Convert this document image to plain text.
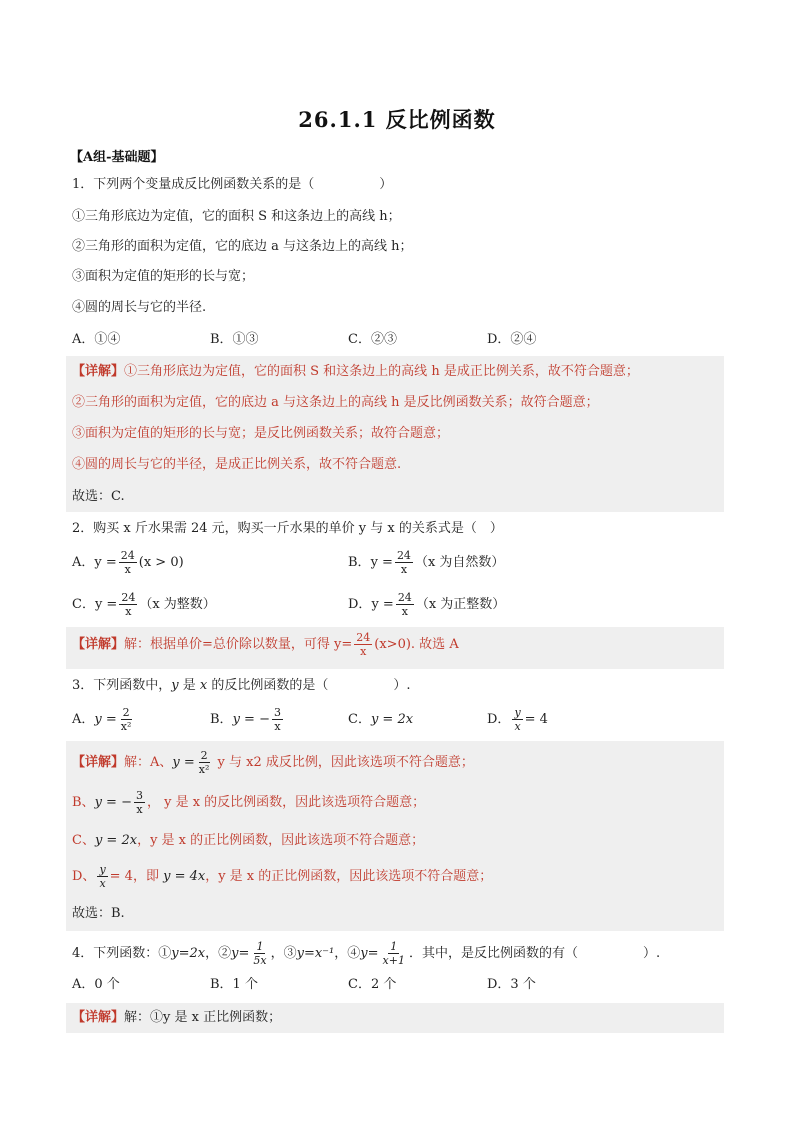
26.1.1 反比例函数
【A组-基础题】
1．下列两个变量成反比例函数关系的是（　　　　　）
①三角形底边为定值，它的面积 S 和这条边上的高线 h；
②三角形的面积为定值，它的底边 a 与这条边上的高线 h；
③面积为定值的矩形的长与宽；
④圆的周长与它的半径.
A．①④	B．①③	C．②③	D．②④
【详解】①三角形底边为定值，它的面积 S 和这条边上的高线 h 是成正比例关系，故不符合题意；
②三角形的面积为定值，它的底边 a 与这条边上的高线 h 是反比例函数关系；故符合题意；
③面积为定值的矩形的长与宽；是反比例函数关系；故符合题意；
④圆的周长与它的半径，是成正比例关系，故不符合题意.
故选：C.
2．购买 x 斤水果需 24 元，购买一斤水果的单价 y 与 x 的关系式是（　）
A．$y = \frac{24}{x} (x > 0)$	B．$y = \frac{24}{x} (x$ 为自然数）
C．$y = \frac{24}{x} (x$ 为整数）	D．$y = \frac{24}{x} (x$ 为正整数）
【详解】解：根据单价=总价除以数量，可得 $y= \frac{24}{x} (x>0)$. 故选 A
3．下列函数中，y 是 x 的反比例函数的是（　　　　　）.
A．$y = \frac{2}{\text{x²}}$	B．y = − $\frac{3}{x}$	C．y = 2x	D． $\frac{y}{x} = 4$
【详解】解：A、$y = \frac{2}{\text{x²}}$ y 与 x2 成反比例，因此该选项不符合题意；
B、y = − $\frac{3}{x}$ ， y 是 x 的反比例函数，因此该选项符合题意；
C、y = 2x，y 是 x 的正比例函数，因此该选项不符合题意；
D、 $\frac{y}{x} = 4$，即 y = 4x，y 是 x 的正比例函数，因此该选项不符合题意；
故选：B.
4．下列函数：①y=2x，②y= $\frac{1}{5x}$ ，③y=x⁻¹，④y= $\frac{1}{x+1}$ ．其中，是反比例函数的有（　　　　　）.
A．0 个	B．1 个	C．2 个	D．3 个
【详解】解：①y 是 x 正比例函数；
